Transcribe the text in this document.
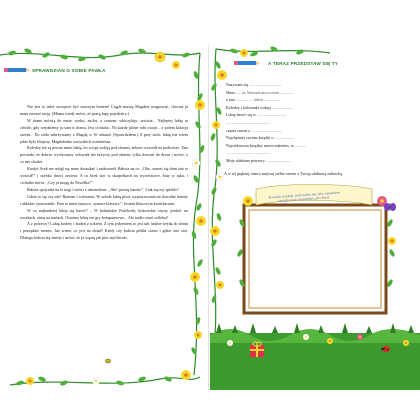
SPRAWDZIAN O SOBIE PAWŁA

Nie jest to takie szczęście być starszym bratem! Ciągle muszę Magdzie ustępować, chociaż ja mam zawsze rację. (Mama wtedy mówi, że pracę łapy pojedyńcz.)

W domu mówią do mnie: synku, zuchu, z czasem: włóczykiju, urwisie... Najlepiej lubię to chwile, gdy wejdziemy ja sam w domu. Jest cichutko. No każdy pilnie robi swoje... a potem kolacja razem... Do stołu zakrzywamy z Magdą w 10 sekund. (Sprawdziłem.) A przy stole, lubię nie wiem jakie były kłopoty, Magdalenka wszystkich rozśmiesza.

Koledzy też są pewno mnie lubią, bo wciąż wołają pod oknem, żebym wyszedł na podwórze. Tata powiada, że dobrze wychowany człowiek nie krzyczy pod oknem, tylko dzwoni do drzwi i mówi, o co mu chodzi.

Kiedyś Arek nie mógł się mnie doszukać i zadzwonił. Babcia na to: „Oho, zanosi się dom żuż te wrzosił!” i szybko drzwi otwiera. A tu Arek stoi w skarpetkach na wycieraczce, buty w ręku, i cichutko mówi: „Czy ja mogę do Pawełka?”

Babcia spojrzała na te nogi i mówi z uśmiechem: „Ale! proszę bardzo”. I tak się my spieklo!

Gdzie to się czy nie? Rymem i wierszem. W szkole lubię pisać wypracowania na dowolne tematy i układać rymowanki. Pani to mnie nazywa „rymarz klasowy”. Jestem klasowym kronikarzem.

W co najbardziej lubię się bawić? – W Indiańskie Podchody, bokserskie szyny, jeździć na wrotkach, zimą na nartach. Ostatnio lubię też gry komputerowe... Ale tradio mieć reflekst!

A z potrawy? Lubię kotlety i budyń z sokiem. Z tym jedzeniem to jest tak: ładnie wejdę do domu i porządnie nosem. Już wiem, co jest na obiad! Kiedy czy babcia piekła ciasto i gdzie ono stoi. Dlatego babcia się śmieje i mówi, że ja węszę jak pies myśliwski.

A TERAZ PRZEDSTAW SIĘ TY
Nazywam się ............................................
Mam ........ lat. Mamusia nazywa mnie ...................
a tata ........................ babcia ........................
Koledzy i koleżanki wołają .............................
Lubię bawić się w ........................................
..............................................................
często razem z ..........................................
Najchętniej czytam książki o ...........................
Najciekawsza książka, moim zdaniem, to ...............
..............................................................
Moje ulubione potrawy: .................................
A w tej pięknej ramce narysuj siebie razem z Twoją ulubioną zabawką.
Ta ramka oczekuje, jeśli zrobisz tak, żeby wszystkiem cieszyło się ze wszystkiego, jak chcesz.
